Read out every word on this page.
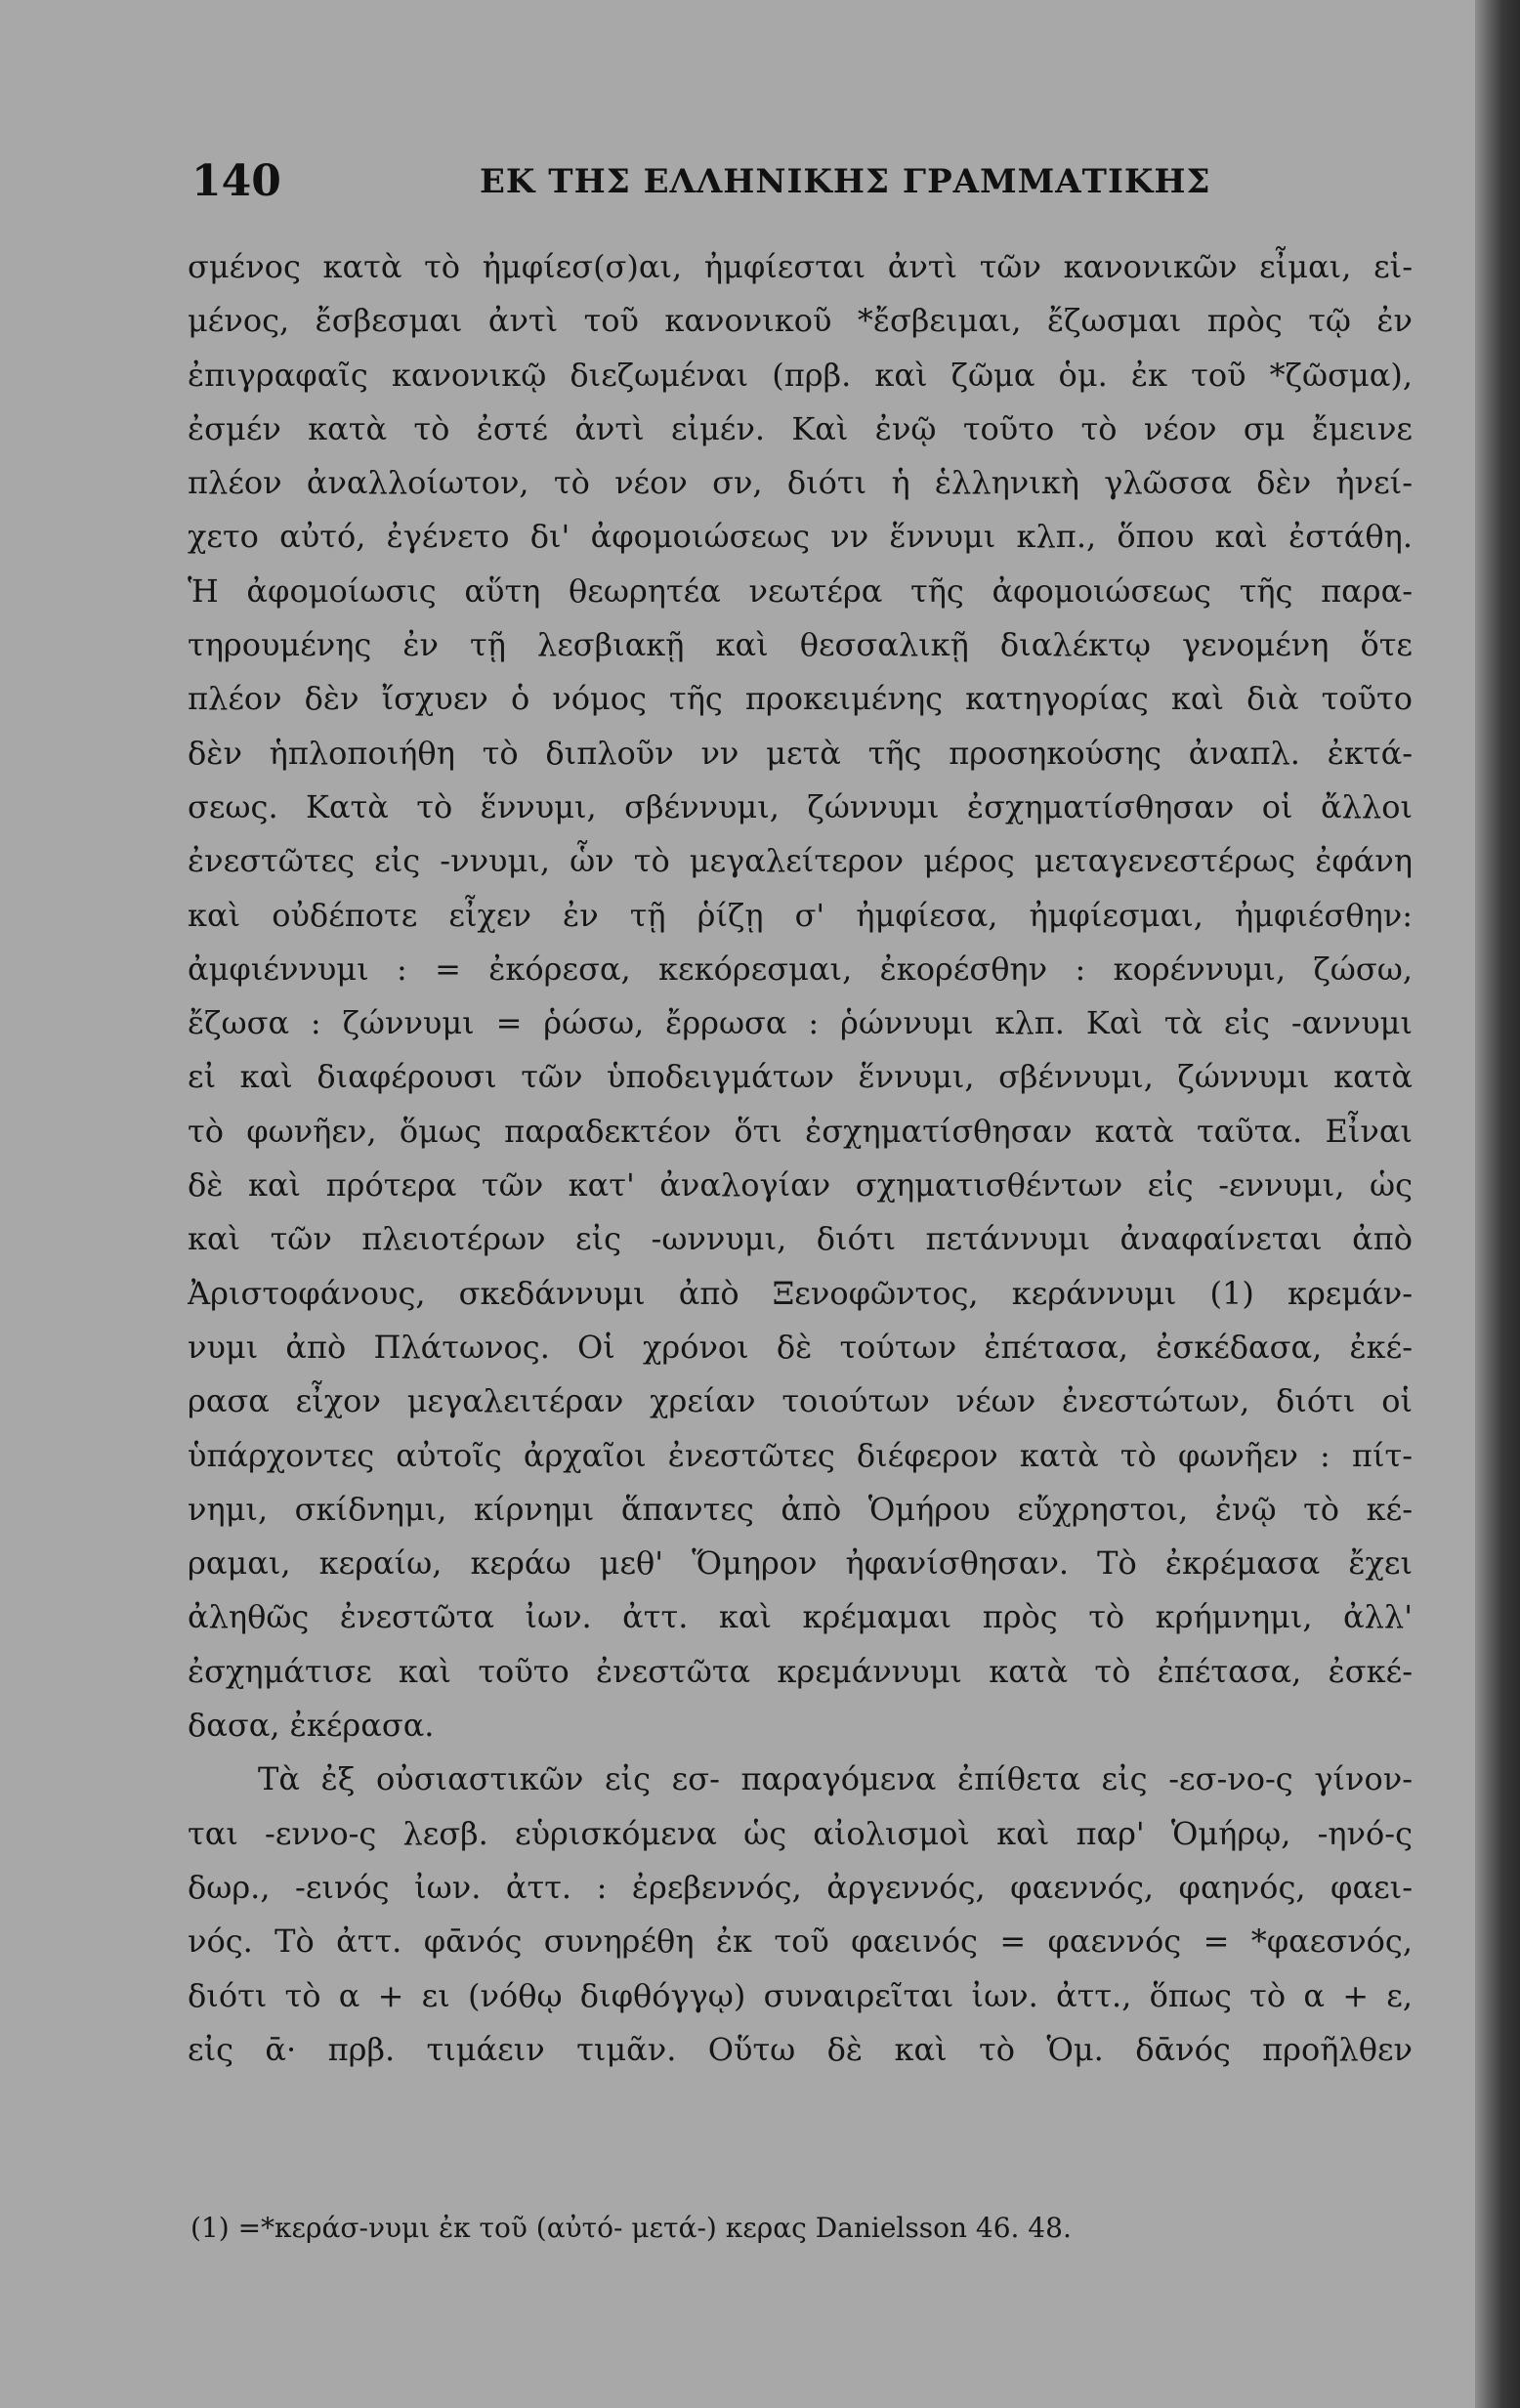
140	ΕΚ ΤΗΣ ΕΛΛΗΝΙΚΗΣ ΓΡΑΜΜΑΤΙΚΗΣ
σμένος κατὰ τὸ ἠμφίεσ(σ)αι, ἠμφίεσται ἀντὶ τῶν κανονικῶν εἶμαι, εἱ-
μένος, ἔσβεσμαι ἀντὶ τοῦ κανονικοῦ *ἔσβειμαι, ἔζωσμαι πρὸς τῷ ἐν
ἐπιγραφαῖς κανονικῷ διεζωμέναι (πρβ. καὶ ζῶμα ὁμ. ἐκ τοῦ *ζῶσμα),
ἐσμέν κατὰ τὸ ἐστέ ἀντὶ εἰμέν. Καὶ ἐνῷ τοῦτο τὸ νέον σμ ἔμεινε
πλέον ἀναλλοίωτον, τὸ νέον σν, διότι ἡ ἑλληνικὴ γλῶσσα δὲν ἠνεί-
χετο αὐτό, ἐγένετο δι' ἀφομοιώσεως νν ἕννυμι κλπ., ὅπου καὶ ἐστάθη.
Ἡ ἀφομοίωσις αὕτη θεωρητέα νεωτέρα τῆς ἀφομοιώσεως τῆς παρα-
τηρουμένης ἐν τῇ λεσβιακῇ καὶ θεσσαλικῇ διαλέκτῳ γενομένη ὅτε
πλέον δὲν ἴσχυεν ὁ νόμος τῆς προκειμένης κατηγορίας καὶ διὰ τοῦτο
δὲν ἡπλοποιήθη τὸ διπλοῦν νν μετὰ τῆς προσηκούσης ἀναπλ. ἐκτά-
σεως. Κατὰ τὸ ἕννυμι, σβέννυμι, ζώννυμι ἐσχηματίσθησαν οἱ ἄλλοι
ἐνεστῶτες εἰς -ννυμι, ὧν τὸ μεγαλείτερον μέρος μεταγενεστέρως ἐφάνη
καὶ οὐδέποτε εἶχεν ἐν τῇ ῥίζῃ σ' ἠμφίεσα, ἠμφίεσμαι, ἠμφιέσθην:
ἀμφιέννυμι : = ἐκόρεσα, κεκόρεσμαι, ἐκορέσθην : κορέννυμι, ζώσω,
ἔζωσα : ζώννυμι = ῥώσω, ἔρρωσα : ῥώννυμι κλπ. Καὶ τὰ εἰς -αννυμι
εἰ καὶ διαφέρουσι τῶν ὑποδειγμάτων ἕννυμι, σβέννυμι, ζώννυμι κατὰ
τὸ φωνῆεν, ὅμως παραδεκτέον ὅτι ἐσχηματίσθησαν κατὰ ταῦτα. Εἶναι
δὲ καὶ πρότερα τῶν κατ' ἀναλογίαν σχηματισθέντων εἰς -εννυμι, ὡς
καὶ τῶν πλειοτέρων εἰς -ωννυμι, διότι πετάννυμι ἀναφαίνεται ἀπὸ
Ἀριστοφάνους, σκεδάννυμι ἀπὸ Ξενοφῶντος, κεράννυμι (1) κρεμάν-
νυμι ἀπὸ Πλάτωνος. Οἱ χρόνοι δὲ τούτων ἐπέτασα, ἐσκέδασα, ἐκέ-
ρασα εἶχον μεγαλειτέραν χρείαν τοιούτων νέων ἐνεστώτων, διότι οἱ
ὑπάρχοντες αὐτοῖς ἀρχαῖοι ἐνεστῶτες διέφερον κατὰ τὸ φωνῆεν : πίτ-
νημι, σκίδνημι, κίρνημι ἅπαντες ἀπὸ Ὁμήρου εὔχρηστοι, ἐνῷ τὸ κέ-
ραμαι, κεραίω, κεράω μεθ' Ὅμηρον ἠφανίσθησαν. Τὸ ἐκρέμασα ἔχει
ἀληθῶς ἐνεστῶτα ἰων. ἀττ. καὶ κρέμαμαι πρὸς τὸ κρήμνημι, ἀλλ'
ἐσχημάτισε καὶ τοῦτο ἐνεστῶτα κρεμάννυμι κατὰ τὸ ἐπέτασα, ἐσκέ-
δασα, ἐκέρασα.
Τὰ ἐξ οὐσιαστικῶν εἰς εσ- παραγόμενα ἐπίθετα εἰς -εσ-νο-ς γίνον-
ται -εννο-ς λεσβ. εὑρισκόμενα ὡς αἰολισμοὶ καὶ παρ' Ὁμήρῳ, -ηνό-ς
δωρ., -εινός ἰων. ἀττ. : ἐρεβεννός, ἀργεννός, φαεννός, φαηνός, φαει-
νός. Τὸ ἀττ. φᾱνός συνηρέθη ἐκ τοῦ φαεινός = φαεννός = *φαεσνός,
διότι τὸ α + ει (νόθῳ διφθόγγῳ) συναιρεῖται ἰων. ἀττ., ὅπως τὸ α + ε,
εἰς ᾱ· πρβ. τιμάειν τιμᾶν. Οὕτω δὲ καὶ τὸ Ὁμ. δᾱνός προῆλθεν
(1) =*κεράσ-νυμι ἐκ τοῦ (αὐτό- μετά-) κερας Danielsson 46. 48.
